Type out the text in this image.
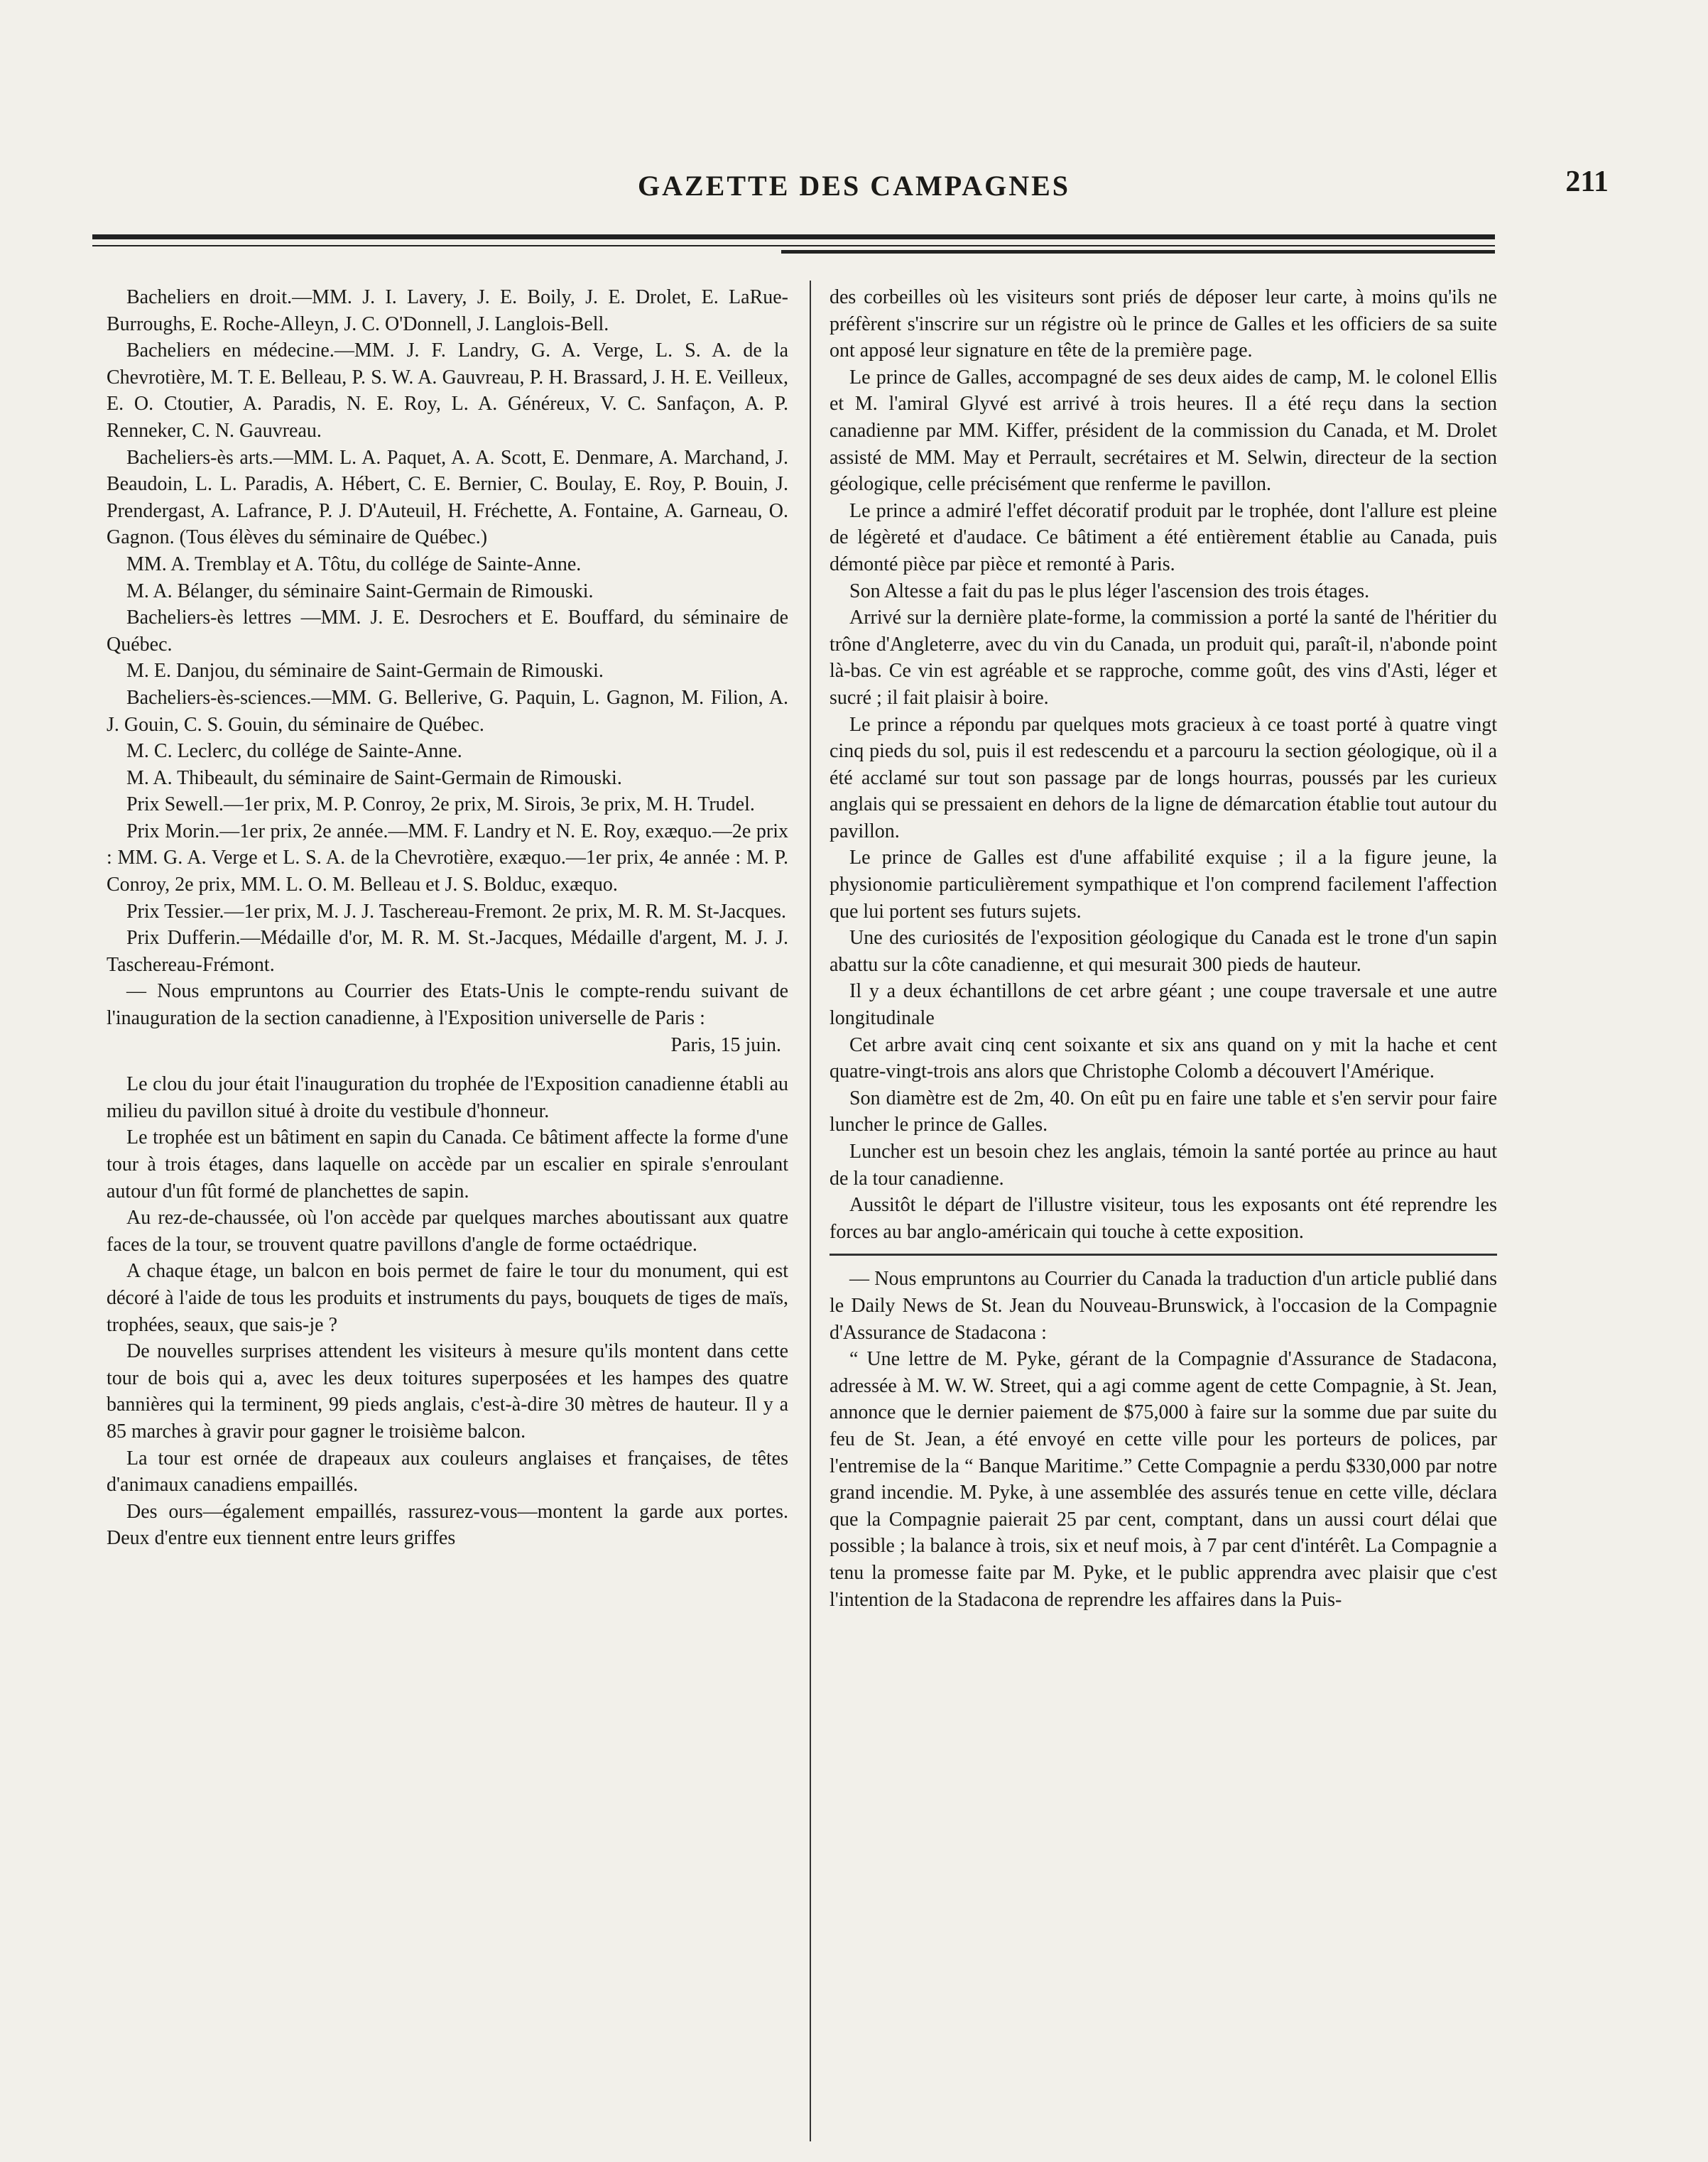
GAZETTE DES CAMPAGNES	211

Bacheliers en droit.—MM. J. I. Lavery, J. E. Boily, J. E. Drolet, E. LaRue-Burroughs, E. Roche-Alleyn, J. C. O'Donnell, J. Langlois-Bell.

Bacheliers en médecine.—MM. J. F. Landry, G. A. Verge, L. S. A. de la Chevrotière, M. T. E. Belleau, P. S. W. A. Gauvreau, P. H. Brassard, J. H. E. Veilleux, E. O. Ctoutier, A. Paradis, N. E. Roy, L. A. Généreux, V. C. Sanfaçon, A. P. Renneker, C. N. Gauvreau.

Bacheliers-ès arts.—MM. L. A. Paquet, A. A. Scott, E. Denmare, A. Marchand, J. Beaudoin, L. L. Paradis, A. Hébert, C. E. Bernier, C. Boulay, E. Roy, P. Bouin, J. Prendergast, A. Lafrance, P. J. D'Auteuil, H. Fréchette, A. Fontaine, A. Garneau, O. Gagnon. (Tous élèves du séminaire de Québec.)

MM. A. Tremblay et A. Tôtu, du collége de Sainte-Anne.

M. A. Bélanger, du séminaire Saint-Germain de Rimouski.

Bacheliers-ès lettres —MM. J. E. Desrochers et E. Bouffard, du séminaire de Québec.

M. E. Danjou, du séminaire de Saint-Germain de Rimouski.

Bacheliers-ès-sciences.—MM. G. Bellerive, G. Paquin, L. Gagnon, M. Filion, A. J. Gouin, C. S. Gouin, du séminaire de Québec.

M. C. Leclerc, du collége de Sainte-Anne.

M. A. Thibeault, du séminaire de Saint-Germain de Rimouski.

Prix Sewell.—1er prix, M. P. Conroy, 2e prix, M. Sirois, 3e prix, M. H. Trudel.

Prix Morin.—1er prix, 2e année.—MM. F. Landry et N. E. Roy, exæquo.—2e prix : MM. G. A. Verge et L. S. A. de la Chevrotière, exæquo.—1er prix, 4e année : M. P. Conroy, 2e prix, MM. L. O. M. Belleau et J. S. Bolduc, exæquo.

Prix Tessier.—1er prix, M. J. J. Taschereau-Fremont. 2e prix, M. R. M. St-Jacques.

Prix Dufferin.—Médaille d'or, M. R. M. St.-Jacques, Médaille d'argent, M. J. J. Taschereau-Frémont.

— Nous empruntons au Courrier des Etats-Unis le compte-rendu suivant de l'inauguration de la section canadienne, à l'Exposition universelle de Paris :

Paris, 15 juin.

Le clou du jour était l'inauguration du trophée de l'Exposition canadienne établi au milieu du pavillon situé à droite du vestibule d'honneur.

Le trophée est un bâtiment en sapin du Canada. Ce bâtiment affecte la forme d'une tour à trois étages, dans laquelle on accède par un escalier en spirale s'enroulant autour d'un fût formé de planchettes de sapin.

Au rez-de-chaussée, où l'on accède par quelques marches aboutissant aux quatre faces de la tour, se trouvent quatre pavillons d'angle de forme octaédrique.

A chaque étage, un balcon en bois permet de faire le tour du monument, qui est décoré à l'aide de tous les produits et instruments du pays, bouquets de tiges de maïs, trophées, seaux, que sais-je ?

De nouvelles surprises attendent les visiteurs à mesure qu'ils montent dans cette tour de bois qui a, avec les deux toitures superposées et les hampes des quatre bannières qui la terminent, 99 pieds anglais, c'est-à-dire 30 mètres de hauteur. Il y a 85 marches à gravir pour gagner le troisième balcon.

La tour est ornée de drapeaux aux couleurs anglaises et françaises, de têtes d'animaux canadiens empaillés.

Des ours—également empaillés, rassurez-vous—montent la garde aux portes. Deux d'entre eux tiennent entre leurs griffes

des corbeilles où les visiteurs sont priés de déposer leur carte, à moins qu'ils ne préfèrent s'inscrire sur un régistre où le prince de Galles et les officiers de sa suite ont apposé leur signature en tête de la première page.

Le prince de Galles, accompagné de ses deux aides de camp, M. le colonel Ellis et M. l'amiral Glyvé est arrivé à trois heures. Il a été reçu dans la section canadienne par MM. Kiffer, président de la commission du Canada, et M. Drolet assisté de MM. May et Perrault, secrétaires et M. Selwin, directeur de la section géologique, celle précisément que renferme le pavillon.

Le prince a admiré l'effet décoratif produit par le trophée, dont l'allure est pleine de légèreté et d'audace. Ce bâtiment a été entièrement établie au Canada, puis démonté pièce par pièce et remonté à Paris.

Son Altesse a fait du pas le plus léger l'ascension des trois étages.

Arrivé sur la dernière plate-forme, la commission a porté la santé de l'héritier du trône d'Angleterre, avec du vin du Canada, un produit qui, paraît-il, n'abonde point là-bas. Ce vin est agréable et se rapproche, comme goût, des vins d'Asti, léger et sucré ; il fait plaisir à boire.

Le prince a répondu par quelques mots gracieux à ce toast porté à quatre vingt cinq pieds du sol, puis il est redescendu et a parcouru la section géologique, où il a été acclamé sur tout son passage par de longs hourras, poussés par les curieux anglais qui se pressaient en dehors de la ligne de démarcation établie tout autour du pavillon.

Le prince de Galles est d'une affabilité exquise ; il a la figure jeune, la physionomie particulièrement sympathique et l'on comprend facilement l'affection que lui portent ses futurs sujets.

Une des curiosités de l'exposition géologique du Canada est le trone d'un sapin abattu sur la côte canadienne, et qui mesurait 300 pieds de hauteur.

Il y a deux échantillons de cet arbre géant ; une coupe traversale et une autre longitudinale

Cet arbre avait cinq cent soixante et six ans quand on y mit la hache et cent quatre-vingt-trois ans alors que Christophe Colomb a découvert l'Amérique.

Son diamètre est de 2m, 40. On eût pu en faire une table et s'en servir pour faire luncher le prince de Galles.

Luncher est un besoin chez les anglais, témoin la santé portée au prince au haut de la tour canadienne.

Aussitôt le départ de l'illustre visiteur, tous les exposants ont été reprendre les forces au bar anglo-américain qui touche à cette exposition.

— Nous empruntons au Courrier du Canada la traduction d'un article publié dans le Daily News de St. Jean du Nouveau-Brunswick, à l'occasion de la Compagnie d'Assurance de Stadacona :

“ Une lettre de M. Pyke, gérant de la Compagnie d'Assurance de Stadacona, adressée à M. W. W. Street, qui a agi comme agent de cette Compagnie, à St. Jean, annonce que le dernier paiement de $75,000 à faire sur la somme due par suite du feu de St. Jean, a été envoyé en cette ville pour les porteurs de polices, par l'entremise de la “ Banque Maritime.” Cette Compagnie a perdu $330,000 par notre grand incendie. M. Pyke, à une assemblée des assurés tenue en cette ville, déclara que la Compagnie paierait 25 par cent, comptant, dans un aussi court délai que possible ; la balance à trois, six et neuf mois, à 7 par cent d'intérêt. La Compagnie a tenu la promesse faite par M. Pyke, et le public apprendra avec plaisir que c'est l'intention de la Stadacona de reprendre les affaires dans la Puis-
